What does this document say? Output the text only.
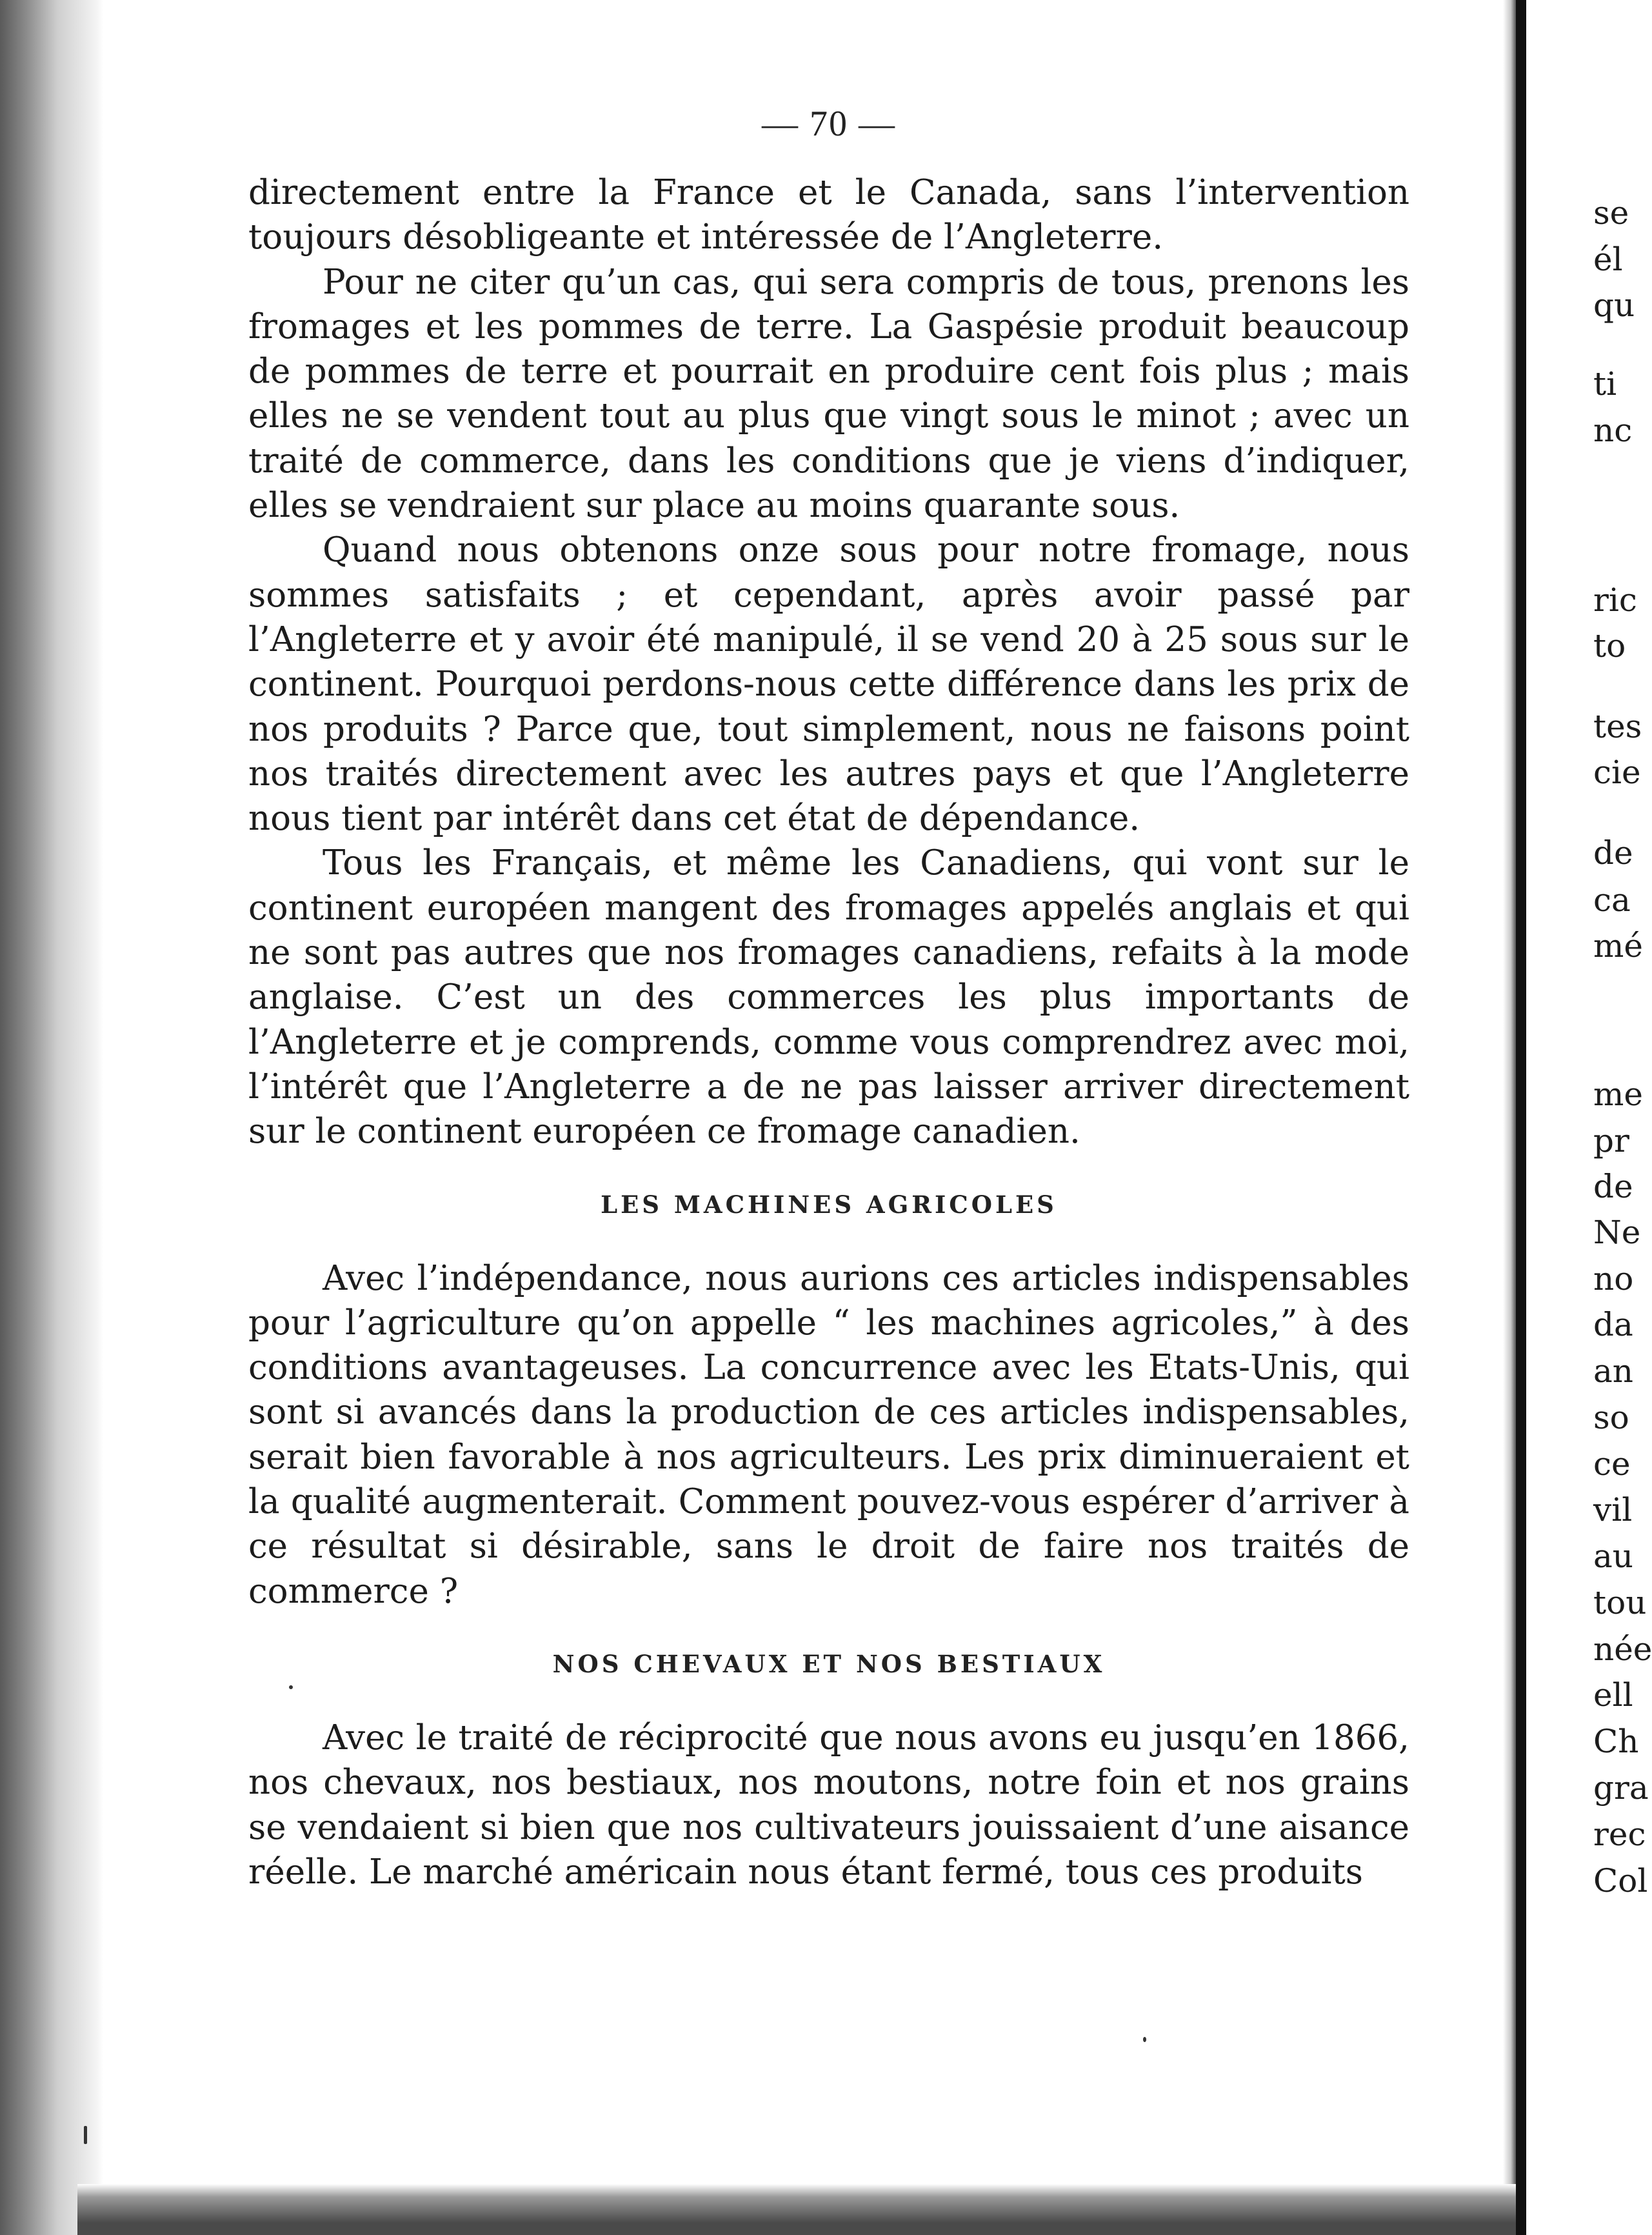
— 70 —

directement entre la France et le Canada, sans l’intervention toujours désobligeante et intéressée de l’Angleterre.

Pour ne citer qu’un cas, qui sera compris de tous, prenons les fromages et les pommes de terre. La Gaspésie produit beaucoup de pommes de terre et pourrait en produire cent fois plus ; mais elles ne se vendent tout au plus que vingt sous le minot ; avec un traité de commerce, dans les conditions que je viens d’indiquer, elles se vendraient sur place au moins quarante sous.

Quand nous obtenons onze sous pour notre fromage, nous sommes satisfaits ; et cependant, après avoir passé par l’Angleterre et y avoir été manipulé, il se vend 20 à 25 sous sur le continent. Pourquoi perdons-nous cette différence dans les prix de nos produits ? Parce que, tout simplement, nous ne faisons point nos traités directement avec les autres pays et que l’Angleterre nous tient par intérêt dans cet état de dépendance.

Tous les Français, et même les Canadiens, qui vont sur le continent européen mangent des fromages appelés anglais et qui ne sont pas autres que nos fromages canadiens, refaits à la mode anglaise. C’est un des commerces les plus importants de l’Angleterre et je comprends, comme vous comprendrez avec moi, l’intérêt que l’Angleterre a de ne pas laisser arriver directement sur le continent européen ce fromage canadien.

LES MACHINES AGRICOLES

Avec l’indépendance, nous aurions ces articles indispensables pour l’agriculture qu’on appelle “ les machines agricoles,” à des conditions avantageuses. La concurrence avec les Etats-Unis, qui sont si avancés dans la production de ces articles indispensables, serait bien favorable à nos agriculteurs. Les prix diminueraient et la qualité augmenterait. Comment pouvez-vous espérer d’arriver à ce résultat si désirable, sans le droit de faire nos traités de commerce ?

NOS CHEVAUX ET NOS BESTIAUX

Avec le traité de réciprocité que nous avons eu jusqu’en 1866, nos chevaux, nos bestiaux, nos moutons, notre foin et nos grains se vendaient si bien que nos cultivateurs jouissaient d’une aisance réelle. Le marché américain nous étant fermé, tous ces produits

se
él
qu
ti
nc
ric
to
tes
cie
de
ca
mé
me
pr
de
Ne
no
da
an
so
ce
vil
au
tou
née
ell
Ch
gra
rec
Col
